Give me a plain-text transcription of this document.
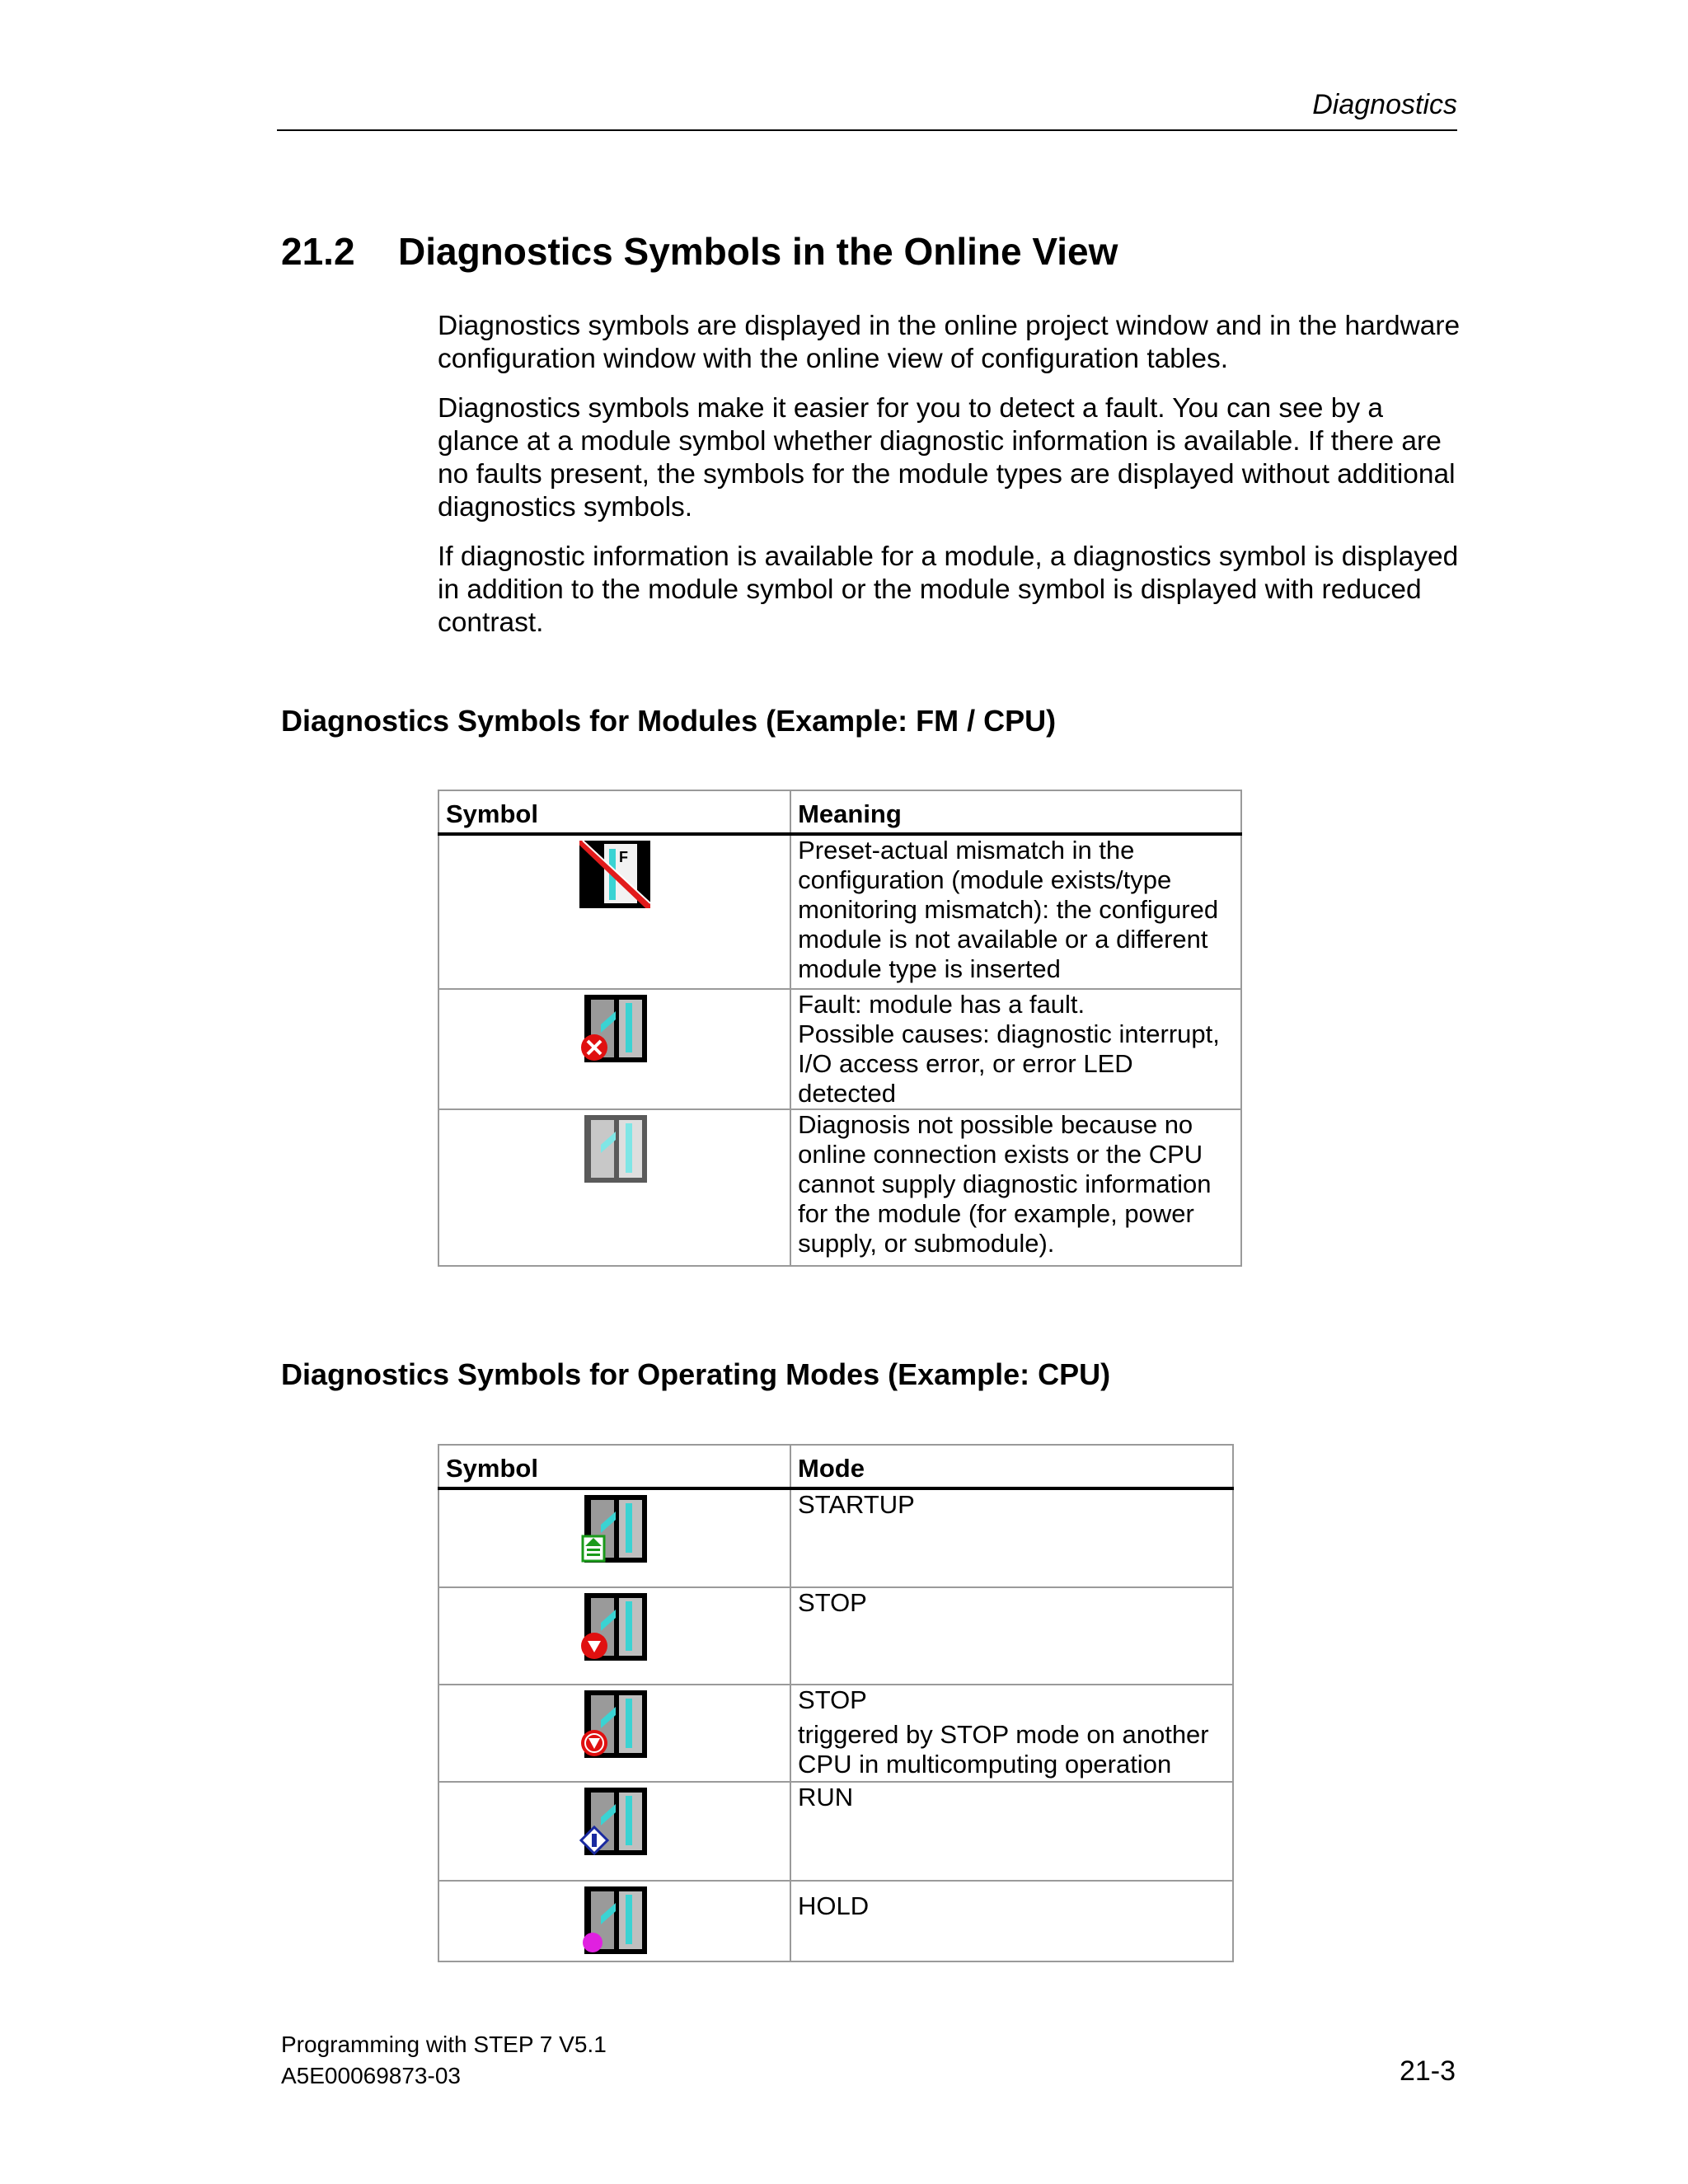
Diagnostics
21.2 Diagnostics Symbols in the Online View

Diagnostics symbols are displayed in the online project window and in the hardware configuration window with the online view of configuration tables.

Diagnostics symbols make it easier for you to detect a fault. You can see by a glance at a module symbol whether diagnostic information is available. If there are no faults present, the symbols for the module types are displayed without additional diagnostics symbols.

If diagnostic information is available for a module, a diagnostics symbol is displayed in addition to the module symbol or the module symbol is displayed with reduced contrast.

Diagnostics Symbols for Modules (Example: FM / CPU)
Symbol	Meaning

F	Preset-actual mismatch in the configuration (module exists/type monitoring mismatch): the configured module is not available or a different module type is inserted

	Fault: module has a fault.
Possible causes: diagnostic interrupt, I/O access error, or error LED detected

	Diagnosis not possible because no online connection exists or the CPU cannot supply diagnostic information for the module (for example, power supply, or submodule).
Diagnostics Symbols for Operating Modes (Example: CPU)
Symbol	Mode

STARTUP

STOP

STOP
triggered by STOP mode on another CPU in multicomputing operation

RUN

HOLD
Programming with STEP 7 V5.1
A5E00069873-03	21-3
